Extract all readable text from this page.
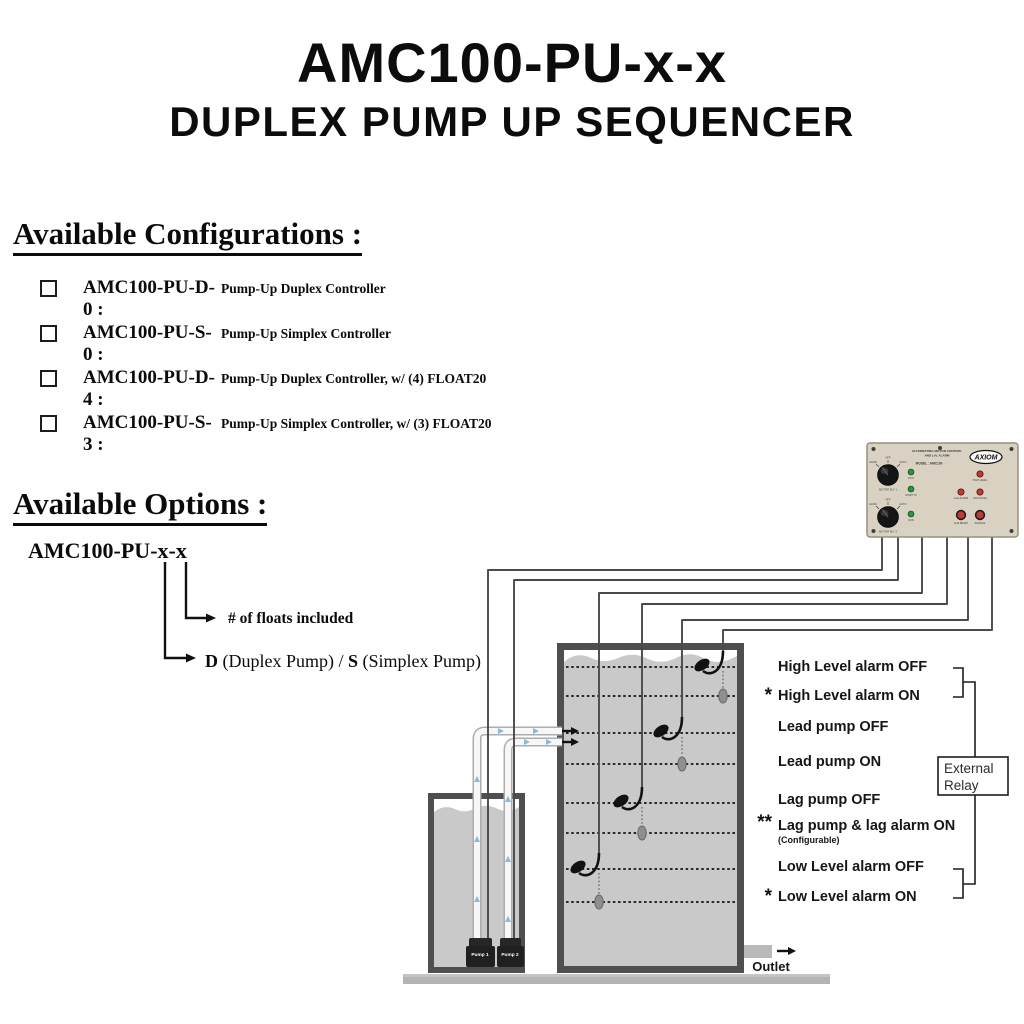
AMC100-PU-x-x
DUPLEX PUMP UP SEQUENCER
Available Configurations :
AMC100-PU-D-0 :
Pump-Up Duplex Controller
AMC100-PU-S-0 :
Pump-Up Simplex Controller
AMC100-PU-D-4 :
Pump-Up Duplex Controller, w/ (4) FLOAT20
AMC100-PU-S-3 :
Pump-Up Simplex Controller, w/ (3) FLOAT20
Available Options :
AMC100-PU-x-x
# of floats included
D (Duplex Pump) / S (Simplex Pump)
Pump 1	Pump 2
ALTERNATING MOTOR CONTROL
AND LVL ALARM
MODEL : AMC100
AXIOM
HAND
OFF
AUTO
MOTOR RLY 1
RUN
START TK
HAND
OFF
AUTO
MOTOR RLY 2
RUN
HIGH LEVEL
LAG ALARM LOW LEVEL
ALM RESET	SILENCE
*
**
*
High Level alarm OFF
High Level alarm ON
Lead pump OFF
Lead pump ON
Lag pump OFF
Lag pump & lag alarm ON
(Configurable)
Low Level alarm OFF
Low Level alarm ON
External
Relay
Outlet
